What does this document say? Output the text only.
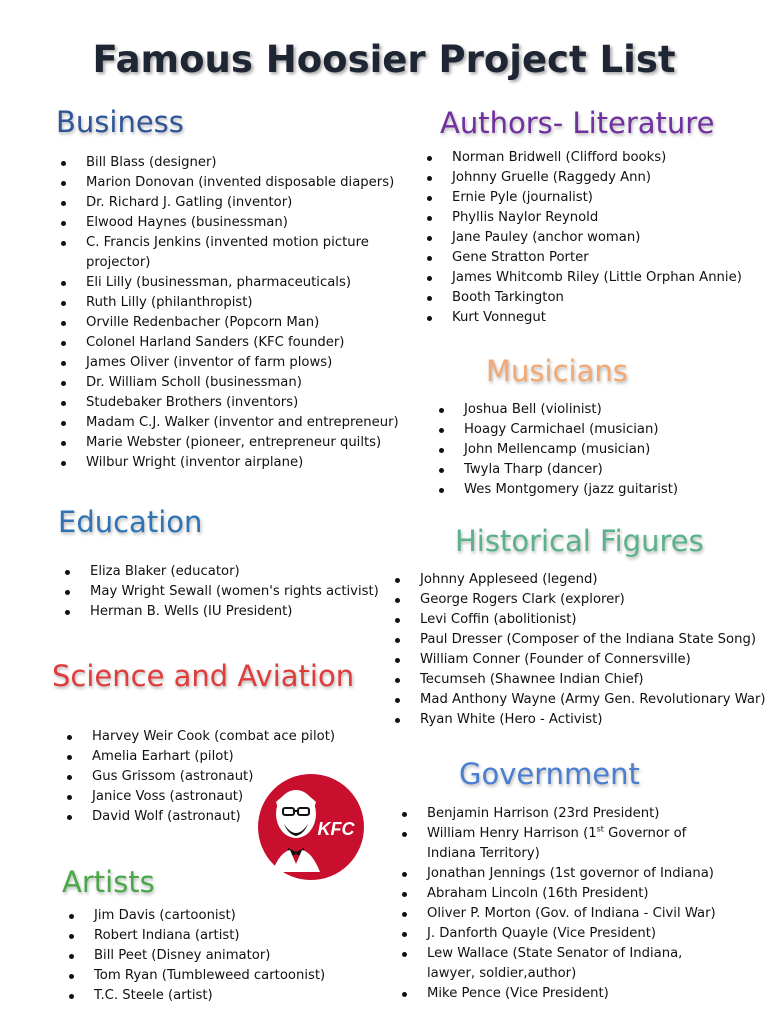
Famous Hoosier Project List
Business
Bill Blass (designer)
Marion Donovan (invented disposable diapers)
Dr. Richard J. Gatling (inventor)
Elwood Haynes (businessman)
C. Francis Jenkins (invented motion picture projector)
Eli Lilly (businessman, pharmaceuticals)
Ruth Lilly (philanthropist)
Orville Redenbacher (Popcorn Man)
Colonel Harland Sanders (KFC founder)
James Oliver (inventor of farm plows)
Dr. William Scholl (businessman)
Studebaker Brothers (inventors)
Madam C.J. Walker (inventor and entrepreneur)
Marie Webster (pioneer, entrepreneur quilts)
Wilbur Wright (inventor airplane)
Authors- Literature
Norman Bridwell (Clifford books)
Johnny Gruelle (Raggedy Ann)
Ernie Pyle (journalist)
Phyllis Naylor Reynold
Jane Pauley (anchor woman)
Gene Stratton Porter
James Whitcomb Riley (Little Orphan Annie)
Booth Tarkington
Kurt Vonnegut
Musicians
Joshua Bell (violinist)
Hoagy Carmichael (musician)
John Mellencamp (musician)
Twyla Tharp (dancer)
Wes Montgomery (jazz guitarist)
Education
Eliza Blaker (educator)
May Wright Sewall (women's rights activist)
Herman B. Wells (IU President)
Historical Figures
Johnny Appleseed (legend)
George Rogers Clark (explorer)
Levi Coffin (abolitionist)
Paul Dresser (Composer of the Indiana State Song)
William Conner (Founder of Connersville)
Tecumseh (Shawnee Indian Chief)
Mad Anthony Wayne (Army Gen. Revolutionary War)
Ryan White (Hero - Activist)
Science and Aviation
Harvey Weir Cook (combat ace pilot)
Amelia Earhart (pilot)
Gus Grissom (astronaut)
Janice Voss (astronaut)
David Wolf (astronaut)
KFC
Government
Benjamin Harrison (23rd President)
William Henry Harrison (1st Governor of Indiana Territory)
Jonathan Jennings (1st governor of Indiana)
Abraham Lincoln (16th President)
Oliver P. Morton (Gov. of Indiana - Civil War)
J. Danforth Quayle (Vice President)
Lew Wallace (State Senator of Indiana, lawyer, soldier,author)
Mike Pence (Vice President)
Artists
Jim Davis (cartoonist)
Robert Indiana (artist)
Bill Peet (Disney animator)
Tom Ryan (Tumbleweed cartoonist)
T.C. Steele (artist)
